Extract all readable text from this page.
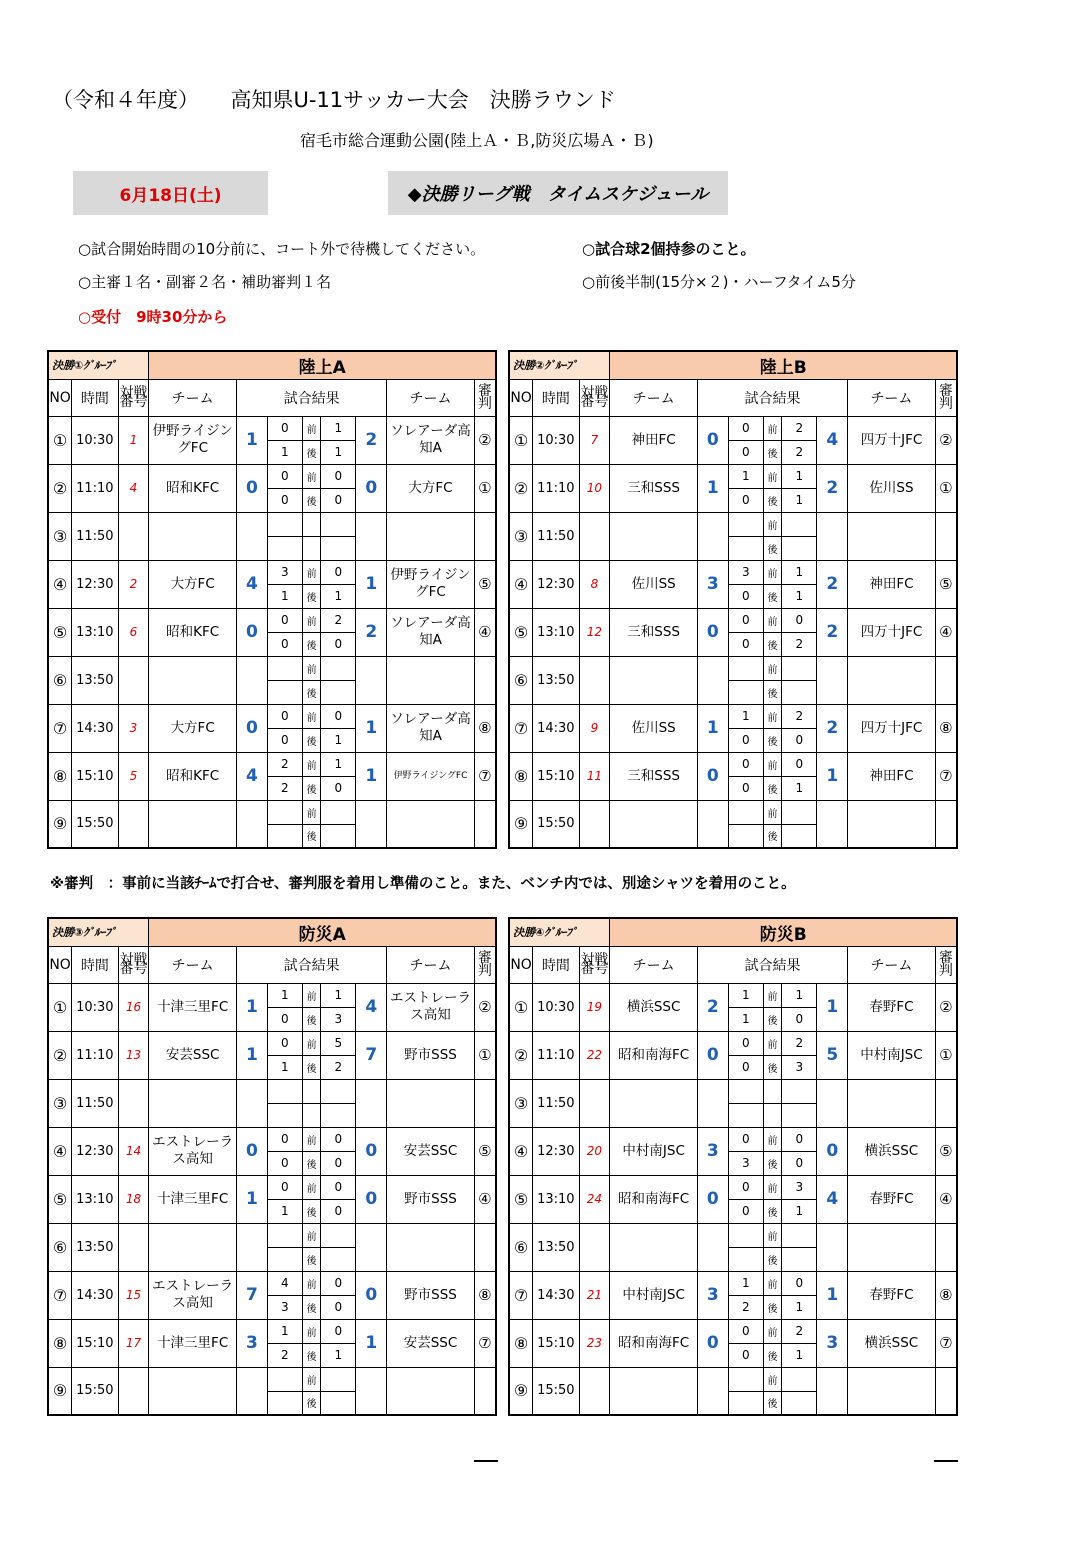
（令和４年度）　　高知県U-11サッカー大会　決勝ラウンド
宿毛市総合運動公園(陸上Ａ・Ｂ,防災広場Ａ・Ｂ)
6月18日(土)	◆決勝リーグ戦　タイムスケジュール
○試合開始時間の10分前に、コート外で待機してください。	○試合球2個持参のこと。
○主審１名・副審２名・補助審判１名	○前後半制(15分×２)・ハーフタイム5分
○受付　9時30分から
決勝①ｸﾞﾙｰﾌﾟ			陸上A							
NO	時間	対戦番号	チーム	試合結果					チーム	審判
①	10:30	1	伊野ライジングFC	1	0	前	1	2	ソレアーダ高知A	②
					1	後	1			
②	11:10	4	昭和KFC	0	0	前	0	0	大方FC	①
					0	後	0			
③	11:50									

④	12:30	2	大方FC	4	3	前	0	1	伊野ライジングFC	⑤
					1	後	1			
⑤	13:10	6	昭和KFC	0	0	前	2	2	ソレアーダ高知A	④
					0	後	0			
⑥	13:50					前				
						後				
⑦	14:30	3	大方FC	0	0	前	0	1	ソレアーダ高知A	⑧
					0	後	1			
⑧	15:10	5	昭和KFC	4	2	前	1	1	伊野ライジングFC	⑦
					2	後	0			
⑨	15:50					前				
						後				
決勝②ｸﾞﾙｰﾌﾟ			陸上B							
NO	時間	対戦番号	チーム	試合結果					チーム	審判
①	10:30	7	神田FC	0	0	前	2	4	四万十JFC	②
					0	後	2			
②	11:10	10	三和SSS	1	1	前	1	2	佐川SS	①
					0	後	1			
③	11:50					前				
						後				
④	12:30	8	佐川SS	3	3	前	1	2	神田FC	⑤
					0	後	1			
⑤	13:10	12	三和SSS	0	0	前	0	2	四万十JFC	④
					0	後	2			
⑥	13:50					前				
						後				
⑦	14:30	9	佐川SS	1	1	前	2	2	四万十JFC	⑧
					0	後	0			
⑧	15:10	11	三和SSS	0	0	前	0	1	神田FC	⑦
					0	後	1			
⑨	15:50					前				
						後				
決勝③ｸﾞﾙｰﾌﾟ			防災A							
NO	時間	対戦番号	チーム	試合結果					チーム	審判
①	10:30	16	十津三里FC	1	1	前	1	4	エストレーラス高知	②
					0	後	3			
②	11:10	13	安芸SSC	1	0	前	5	7	野市SSS	①
					1	後	2			
③	11:50									

④	12:30	14	エストレーラス高知	0	0	前	0	0	安芸SSC	⑤
					0	後	0			
⑤	13:10	18	十津三里FC	1	0	前	0	0	野市SSS	④
					1	後	0			
⑥	13:50					前				
						後				
⑦	14:30	15	エストレーラス高知	7	4	前	0	0	野市SSS	⑧
					3	後	0			
⑧	15:10	17	十津三里FC	3	1	前	0	1	安芸SSC	⑦
					2	後	1			
⑨	15:50					前				
						後				
決勝④ｸﾞﾙｰﾌﾟ			防災B							
NO	時間	対戦番号	チーム	試合結果					チーム	審判
①	10:30	19	横浜SSC	2	1	前	1	1	春野FC	②
					1	後	0			
②	11:10	22	昭和南海FC	0	0	前	2	5	中村南JSC	①
					0	後	3			
③	11:50									

④	12:30	20	中村南JSC	3	0	前	0	0	横浜SSC	⑤
					3	後	0			
⑤	13:10	24	昭和南海FC	0	0	前	3	4	春野FC	④
					0	後	1			
⑥	13:50					前				
						後				
⑦	14:30	21	中村南JSC	3	1	前	0	1	春野FC	⑧
					2	後	1			
⑧	15:10	23	昭和南海FC	0	0	前	2	3	横浜SSC	⑦
					0	後	1			
⑨	15:50					前				
						後				
※審判　：事前に当該ﾁｰﾑで打合せ、審判服を着用し準備のこと。また、ベンチ内では、別途シャツを着用のこと。
